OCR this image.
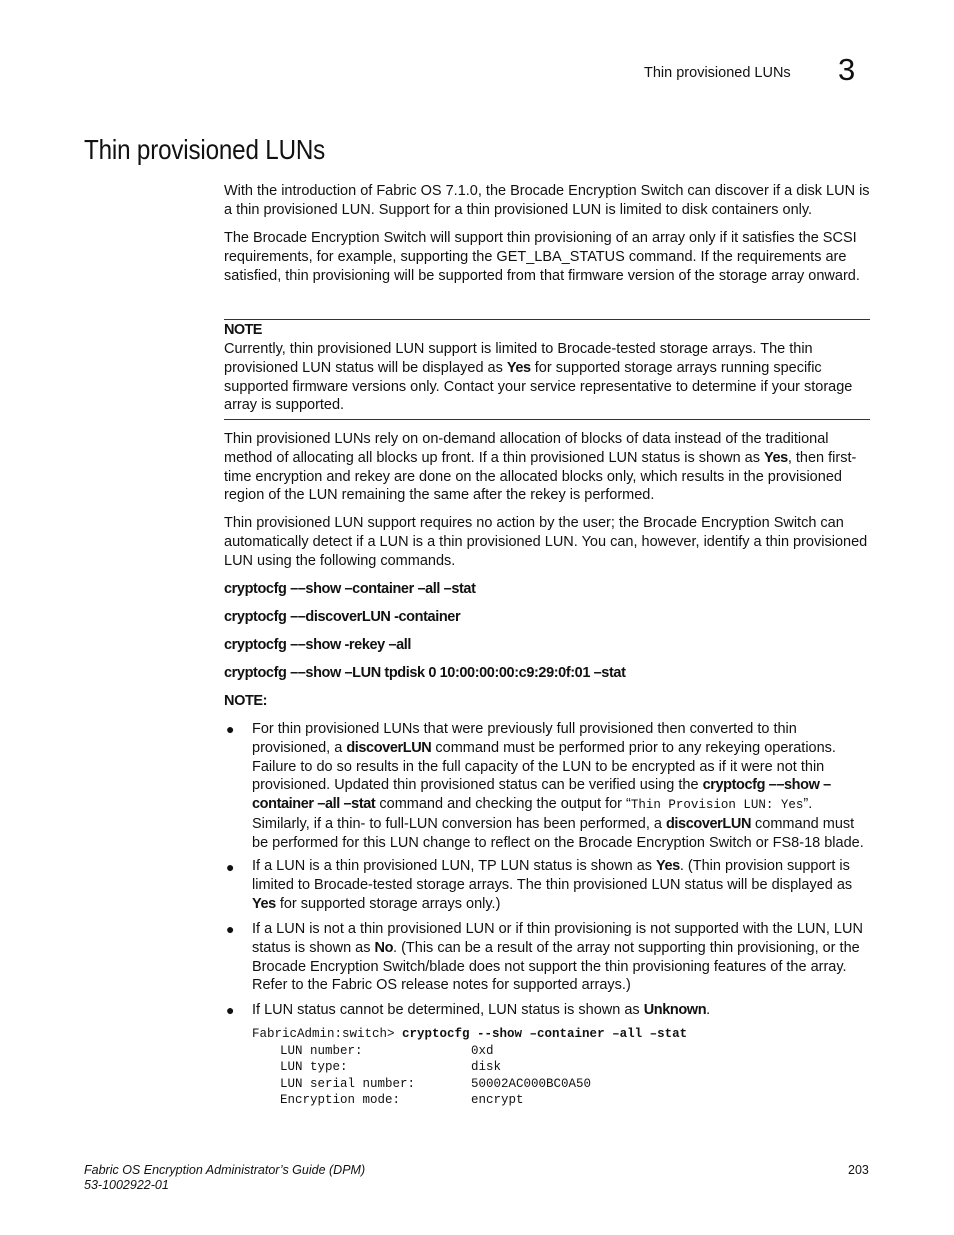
Thin provisioned LUNs 3
Thin provisioned LUNs

With the introduction of Fabric OS 7.1.0, the Brocade Encryption Switch can discover if a disk LUN is a thin provisioned LUN. Support for a thin provisioned LUN is limited to disk containers only.

The Brocade Encryption Switch will support thin provisioning of an array only if it satisfies the SCSI requirements, for example, supporting the GET_LBA_STATUS command. If the requirements are satisfied, thin provisioning will be supported from that firmware version of the storage array onward.

NOTE

Currently, thin provisioned LUN support is limited to Brocade-tested storage arrays. The thin provisioned LUN status will be displayed as Yes for supported storage arrays running specific supported firmware versions only. Contact your service representative to determine if your storage array is supported.

Thin provisioned LUNs rely on on-demand allocation of blocks of data instead of the traditional method of allocating all blocks up front. If a thin provisioned LUN status is shown as Yes, then first-time encryption and rekey are done on the allocated blocks only, which results in the provisioned region of the LUN remaining the same after the rekey is performed.

Thin provisioned LUN support requires no action by the user; the Brocade Encryption Switch can automatically detect if a LUN is a thin provisioned LUN. You can, however, identify a thin provisioned LUN using the following commands.

cryptocfg ––show –container –all –stat
cryptocfg ––discoverLUN -container
cryptocfg ––show -rekey –all
cryptocfg ––show –LUN tpdisk 0 10:00:00:00:c9:29:0f:01 –stat
NOTE:
● For thin provisioned LUNs that were previously full provisioned then converted to thin provisioned, a discoverLUN command must be performed prior to any rekeying operations. Failure to do so results in the full capacity of the LUN to be encrypted as if it were not thin provisioned. Updated thin provisioned status can be verified using the cryptocfg ––show –container –all –stat command and checking the output for “Thin Provision LUN: Yes”. Similarly, if a thin- to full-LUN conversion has been performed, a discoverLUN command must be performed for this LUN change to reflect on the Brocade Encryption Switch or FS8-18 blade.

● If a LUN is a thin provisioned LUN, TP LUN status is shown as Yes. (Thin provision support is limited to Brocade-tested storage arrays. The thin provisioned LUN status will be displayed as Yes for supported storage arrays only.)

● If a LUN is not a thin provisioned LUN or if thin provisioning is not supported with the LUN, LUN status is shown as No. (This can be a result of the array not supporting thin provisioning, or the Brocade Encryption Switch/blade does not support the thin provisioning features of the array. Refer to the Fabric OS release notes for supported arrays.)

● If LUN status cannot be determined, LUN status is shown as Unknown.

FabricAdmin:switch> cryptocfg --show –container –all –stat
LUN number:	0xd
LUN type:	disk
LUN serial number:	50002AC000BC0A50
Encryption mode:	encrypt
Fabric OS Encryption Administrator’s Guide (DPM)
53-1002922-01
203
